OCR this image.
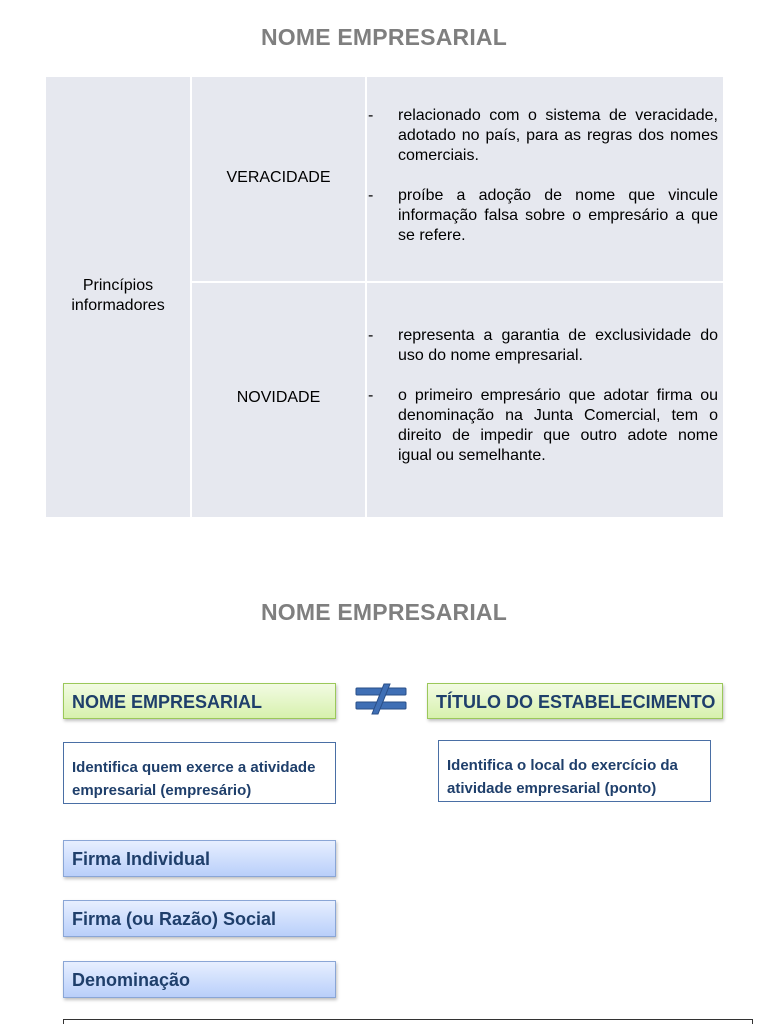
NOME EMPRESARIAL
Princípios
informadores
VERACIDADE
NOVIDADE
- relacionado com o sistema de veracidade, adotado no país, para as regras dos nomes comerciais.
- proíbe a adoção de nome que vincule informação falsa sobre o empresário a que se refere.
- representa a garantia de exclusividade do uso do nome empresarial.
- o primeiro empresário que adotar firma ou denominação na Junta Comercial, tem o direito de impedir que outro adote nome igual ou semelhante.
NOME EMPRESARIAL
NOME EMPRESARIAL	TÍTULO DO ESTABELECIMENTO
Identifica quem exerce a atividade empresarial (empresário)
Identifica o local do exercício da atividade empresarial (ponto)
Firma Individual
Firma (ou Razão) Social
Denominação
